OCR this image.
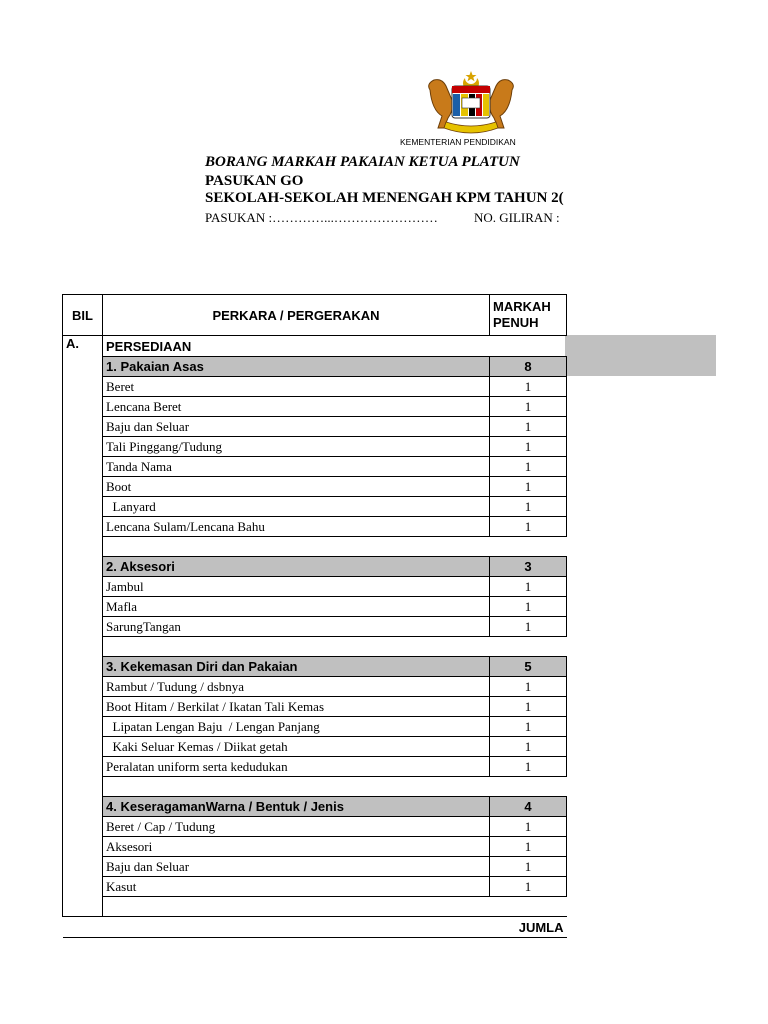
KEMENTERIAN PENDIDIKAN
BORANG MARKAH PAKAIAN KETUA PLATUN
PASUKAN GO
SEKOLAH-SEKOLAH MENENGAH KPM TAHUN 2(
PASUKAN :…………...……………………	NO. GILIRAN :
BIL	PERKARA / PERGERAKAN	MARKAH PENUH

A.	PERSEDIAAN	
	1. Pakaian Asas	8
	Beret	1
	Lencana Beret	1
	Baju dan Seluar	1
	Tali Pinggang/Tudung	1
	Tanda Nama	1
	Boot	1
	Lanyard	1
	Lencana Sulam/Lencana Bahu	1

	2. Aksesori	3
	Jambul	1
	Mafla	1
	SarungTangan	1

	3. Kekemasan Diri dan Pakaian	5
	Rambut / Tudung / dsbnya	1
	Boot Hitam / Berkilat / Ikatan Tali Kemas	1
	Lipatan Lengan Baju  / Lengan Panjang	1
	Kaki Seluar Kemas / Diikat getah	1
	Peralatan uniform serta kedudukan	1

	4. KeseragamanWarna / Bentuk / Jenis	4
	Beret / Cap / Tudung	1
	Aksesori	1
	Baju dan Seluar	1
	Kasut	1

JUMLA		
